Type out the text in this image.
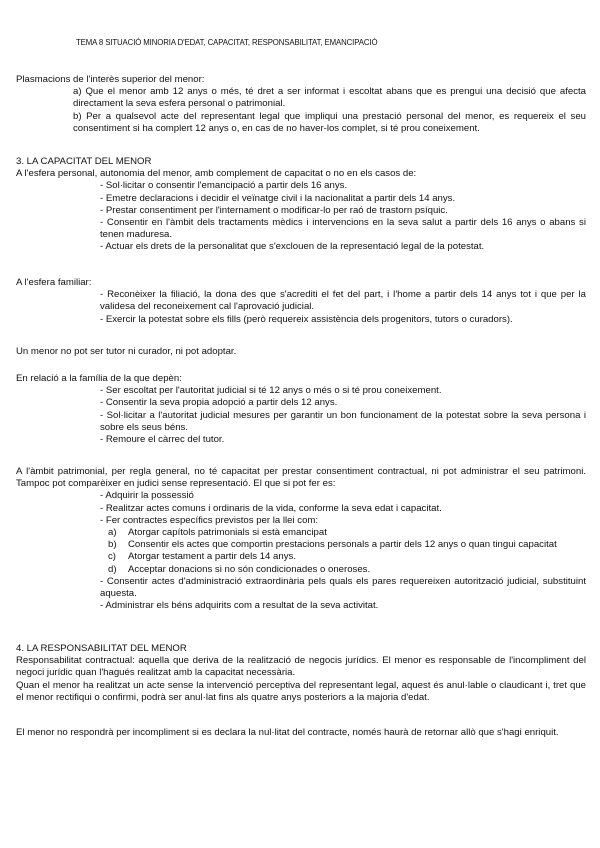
TEMA 8 SITUACIÓ MINORIA D'EDAT, CAPACITAT, RESPONSABILITAT, EMANCIPACIÓ

Plasmacions de l'interès superior del menor:

a) Que el menor amb 12 anys o més, té dret a ser informat i escoltat abans que es prengui una decisió que afecta directament la seva esfera personal o patrimonial.

b) Per a qualsevol acte del representant legal que impliqui una prestació personal del menor, es requereix el seu consentiment si ha complert 12 anys o, en cas de no haver-los complet, si té prou coneixement.

3. LA CAPACITAT DEL MENOR

A l'esfera personal, autonomia del menor, amb complement de capacitat o no en els casos de:

- Sol·licitar o consentir l'emancipació a partir dels 16 anys.

- Emetre declaracions i decidir el veïnatge civil i la nacionalitat a partir dels 14 anys.

- Prestar consentiment per l'internament o modificar-lo per raó de trastorn psíquic.

- Consentir en l'àmbit dels tractaments mèdics i intervencions en la seva salut a partir dels 16 anys o abans si tenen maduresa.

- Actuar els drets de la personalitat que s'exclouen de la representació legal de la potestat.

A l'esfera familiar:

- Reconèixer la filiació, la dona des que s'acrediti el fet del part, i l'home a partir dels 14 anys tot i que per la validesa del reconeixement cal l'aprovació judicial.

- Exercir la potestat sobre els fills (però requereix assistència dels progenitors, tutors o curadors).

Un menor no pot ser tutor ni curador, ni pot adoptar.

En relació a la família de la que depèn:

- Ser escoltat per l'autoritat judicial si té 12 anys o més o si té prou coneixement.

- Consentir la seva propia adopció a partir dels 12 anys.

- Sol·licitar a l'autoritat judicial mesures per garantir un bon funcionament de la potestat sobre la seva persona i sobre els seus béns.

- Remoure el càrrec del tutor.

A l'àmbit patrimonial, per regla general, no té capacitat per prestar consentiment contractual, ni pot administrar el seu patrimoni. Tampoc pot comparèixer en judici sense representació. El que si pot fer es:

- Adquirir la possessió

- Realitzar actes comuns i ordinaris de la vida, conforme la seva edat i capacitat.

- Fer contractes específics previstos per la llei com:

a) Atorgar capítols patrimonials si està emancipat

b) Consentir els actes que comportin prestacions personals a partir dels 12 anys o quan tingui capacitat

c) Atorgar testament a partir dels 14 anys.

d) Acceptar donacions si no són condicionades o oneroses.

- Consentir actes d'administració extraordinària pels quals els pares requereixen autorització judicial, substituint aquesta.

- Administrar els béns adquirits com a resultat de la seva activitat.

4. LA RESPONSABILITAT DEL MENOR

Responsabilitat contractual: aquella que deriva de la realització de negocis jurídics. El menor es responsable de l'incompliment del negoci jurídic quan l'hagués realitzat amb la capacitat necessària.

Quan el menor ha realitzat un acte sense la intervenció perceptiva del representant legal, aquest és anul·lable o claudicant i, tret que el menor rectifiqui o confirmi, podrà ser anul·lat fins als quatre anys posteriors a la majoria d'edat.

El menor no respondrà per incompliment si es declara la nul·litat del contracte, només haurà de retornar allò que s'hagi enriquit.
